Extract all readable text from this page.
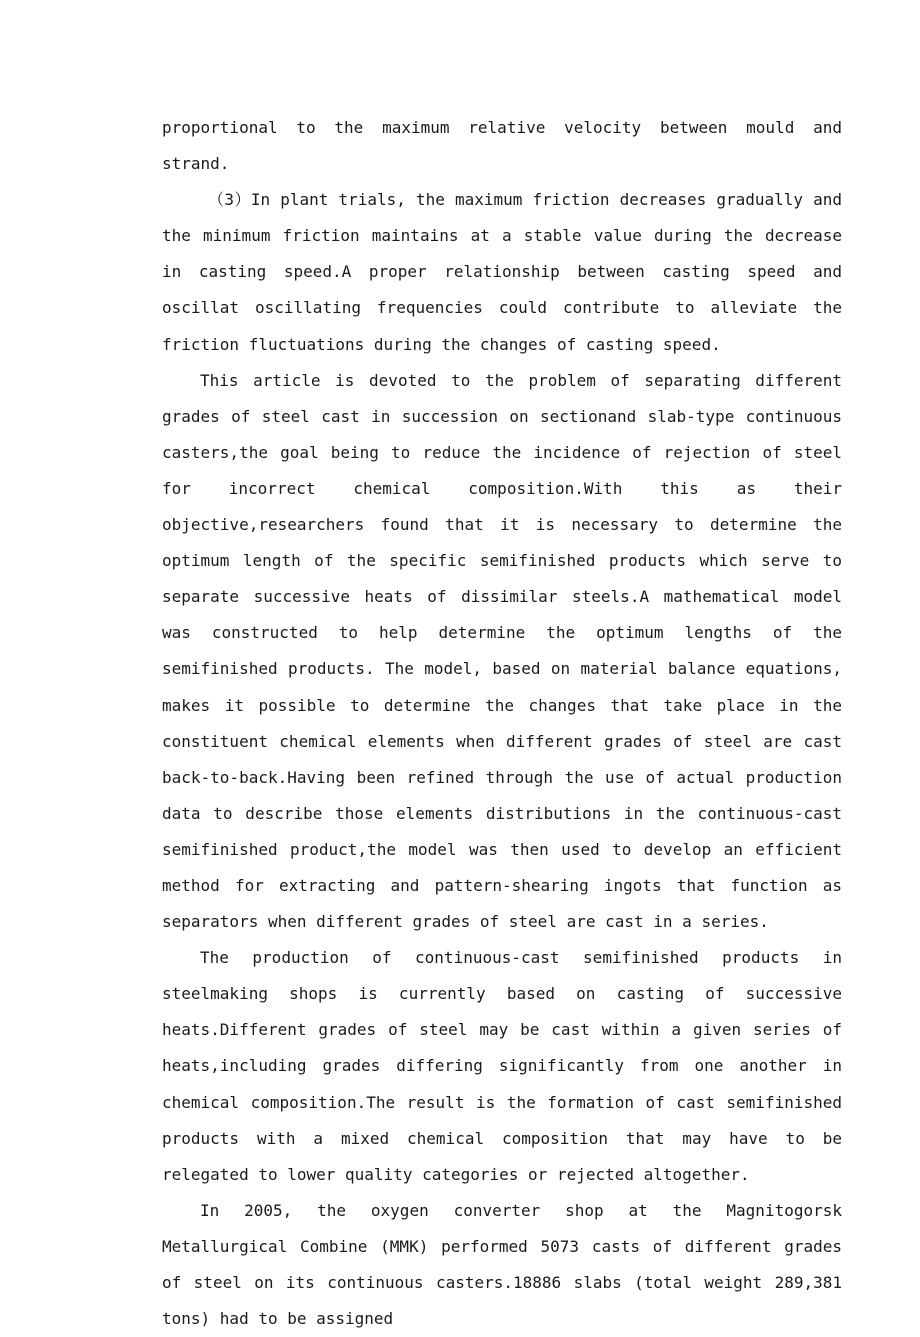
proportional to the maximum relative velocity between mould and strand.

（3）In plant trials, the maximum friction decreases gradually and the minimum friction maintains at a stable value during the decrease in casting speed.A proper relationship between casting speed and oscillat oscillating frequencies could contribute to alleviate the friction fluctuations during the changes of casting speed.

This article is devoted to the problem of separating different grades of steel cast in succession on sectionand slab-type continuous casters,the goal being to reduce the incidence of rejection of steel for incorrect chemical composition.With this as their objective,researchers found that it is necessary to determine the optimum length of the specific semifinished products which serve to separate successive heats of dissimilar steels.A mathematical model was constructed to help determine the optimum lengths of the semifinished products. The model, based on material balance equations, makes it possible to determine the changes that take place in the constituent chemical elements when different grades of steel are cast back-to-back.Having been refined through the use of actual production data to describe those elements distributions in the continuous-cast semifinished product,the model was then used to develop an efficient method for extracting and pattern-shearing ingots that function as separators when different grades of steel are cast in a series.

The production of continuous-cast semifinished products in steelmaking shops is currently based on casting of successive heats.Different grades of steel may be cast within a given series of heats,including grades differing significantly from one another in chemical composition.The result is the formation of cast semifinished products with a mixed chemical composition that may have to be relegated to lower quality categories or rejected altogether.

In 2005, the oxygen converter shop at the Magnitogorsk Metallurgical Combine (MMK) performed 5073 casts of different grades of steel on its continuous casters.18886 slabs (total weight 289,381 tons) had to be assigned
